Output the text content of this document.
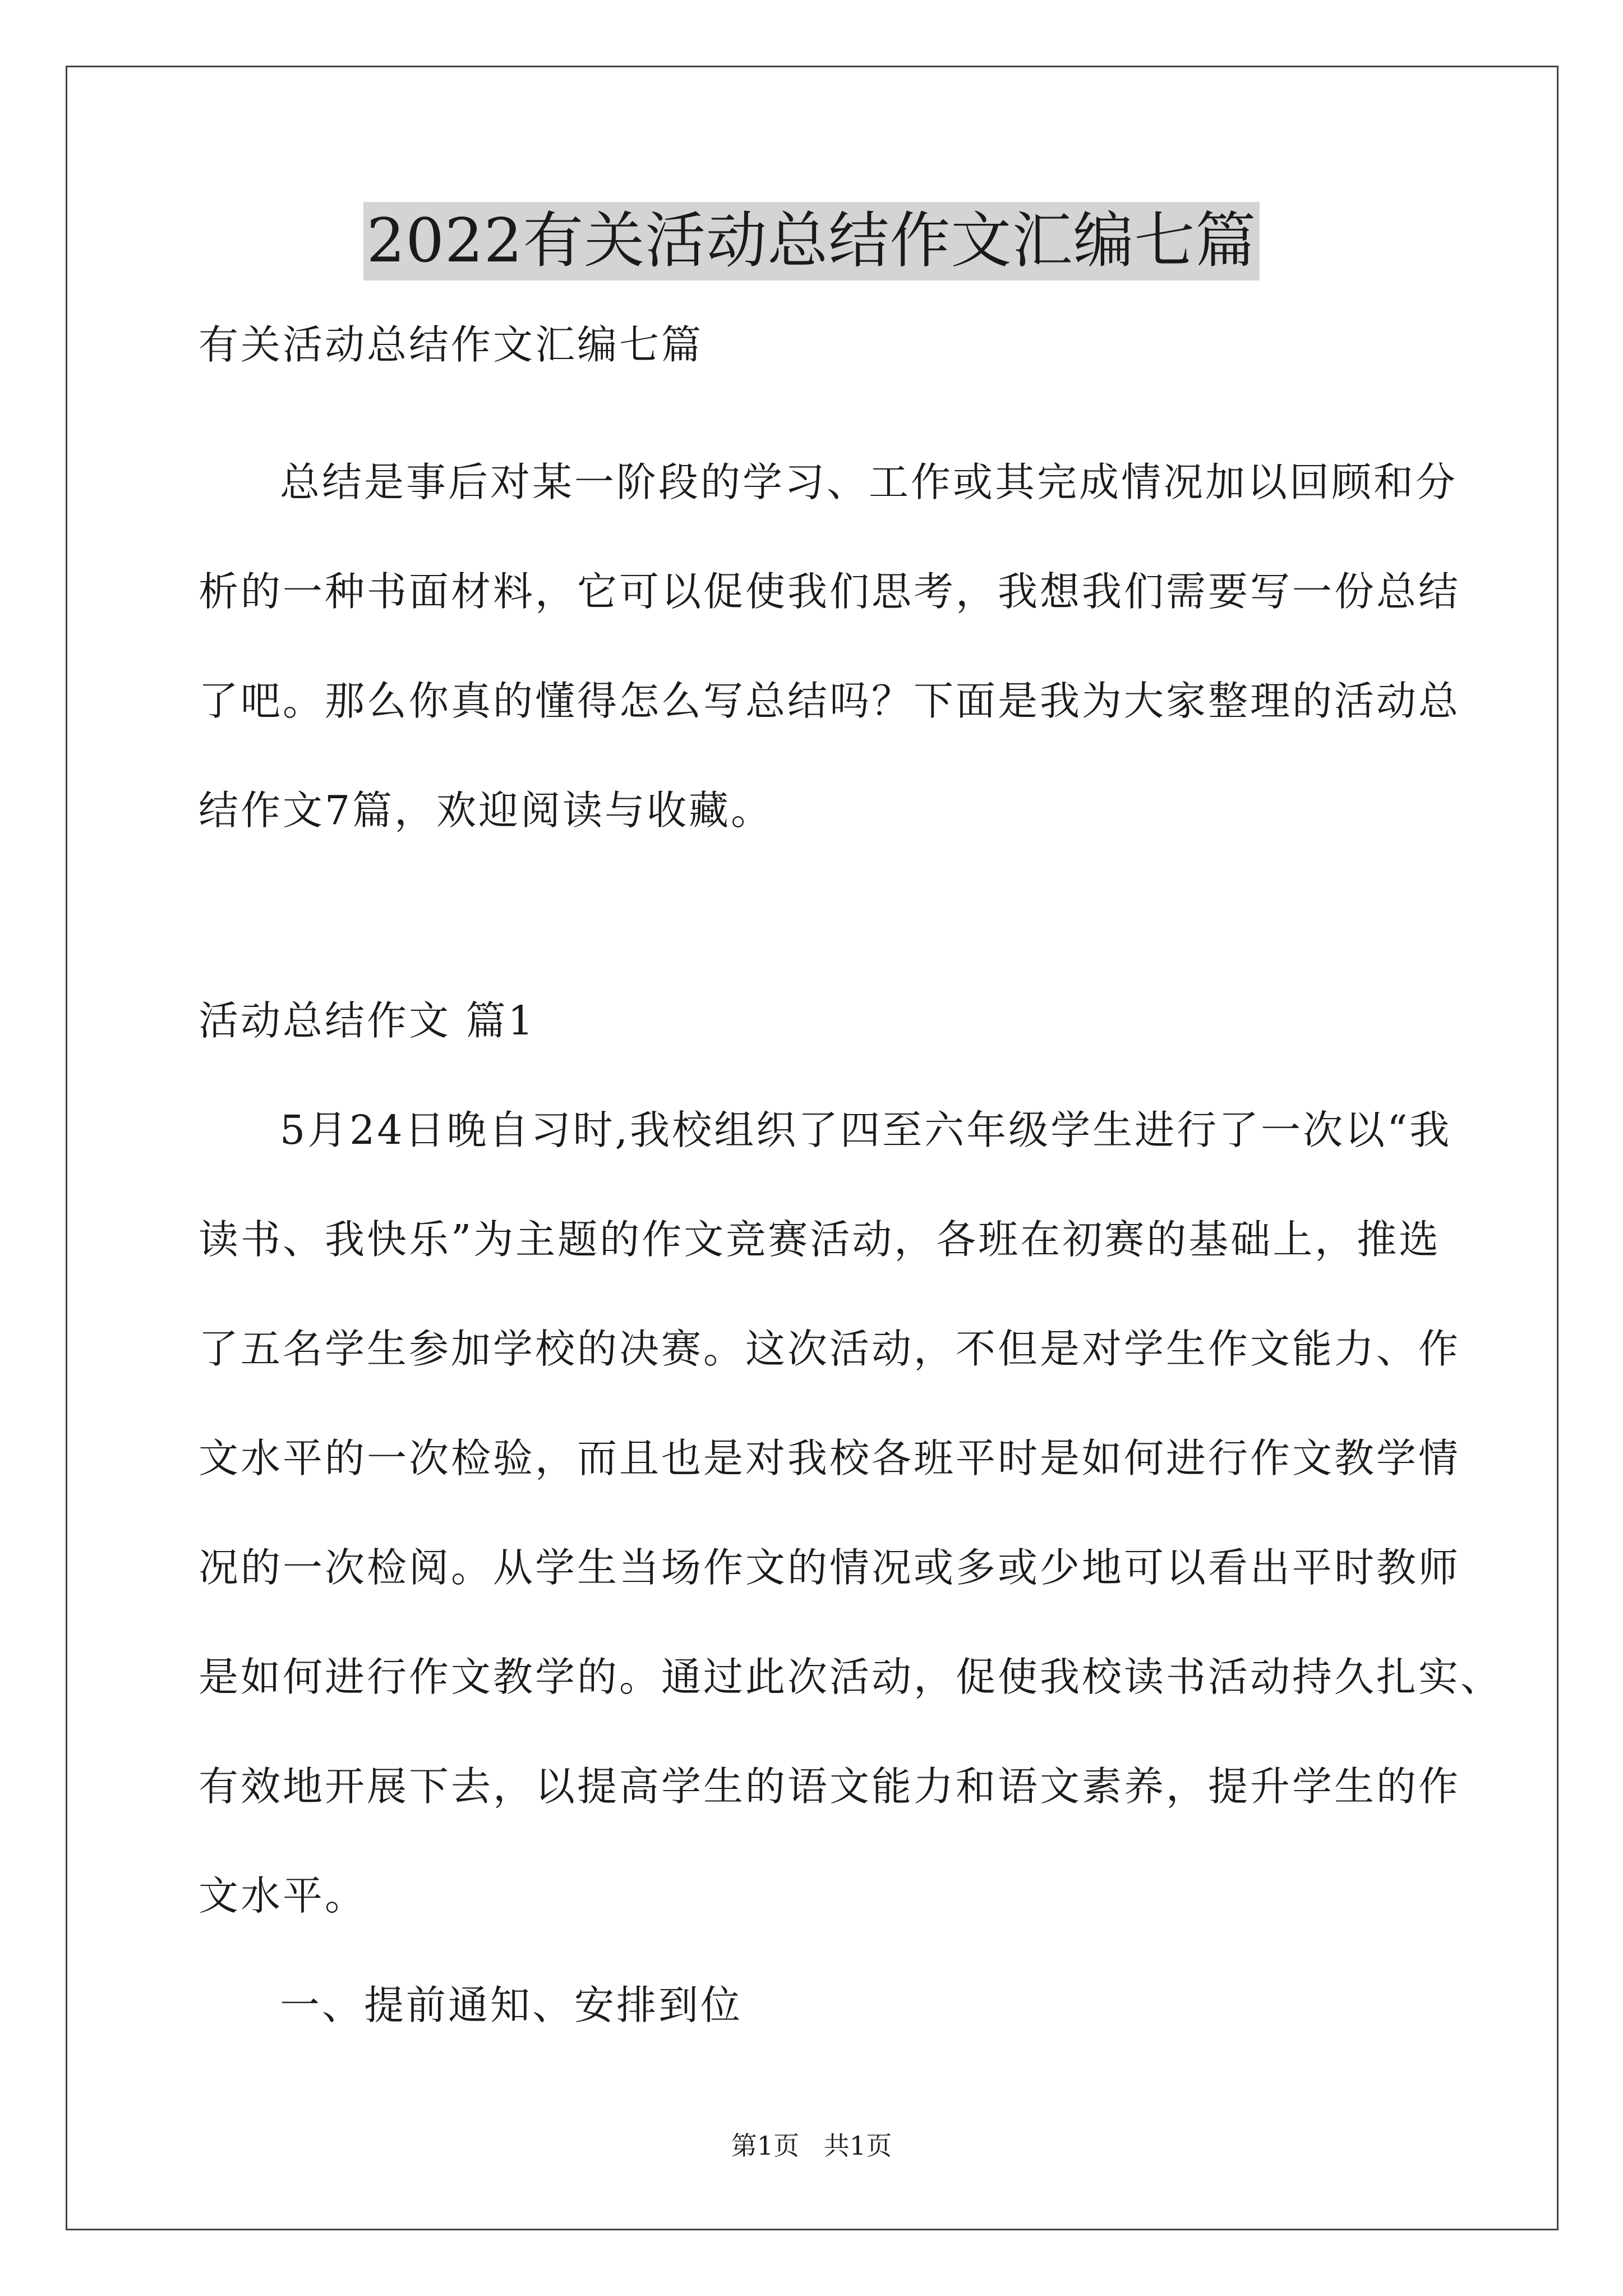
2022有关活动总结作文汇编七篇
有关活动总结作文汇编七篇
总结是事后对某一阶段的学习、工作或其完成情况加以回顾和分
析的一种书面材料，它可以促使我们思考，我想我们需要写一份总结
了吧。那么你真的懂得怎么写总结吗？下面是我为大家整理的活动总
结作文7篇，欢迎阅读与收藏。
活动总结作文 篇1
5月24日晚自习时,我校组织了四至六年级学生进行了一次以“我
读书、我快乐”为主题的作文竞赛活动，各班在初赛的基础上，推选
了五名学生参加学校的决赛。这次活动，不但是对学生作文能力、作
文水平的一次检验，而且也是对我校各班平时是如何进行作文教学情
况的一次检阅。从学生当场作文的情况或多或少地可以看出平时教师
是如何进行作文教学的。通过此次活动，促使我校读书活动持久扎实、
有效地开展下去，以提高学生的语文能力和语文素养，提升学生的作
文水平。
一、提前通知、安排到位
第1页   共1页
